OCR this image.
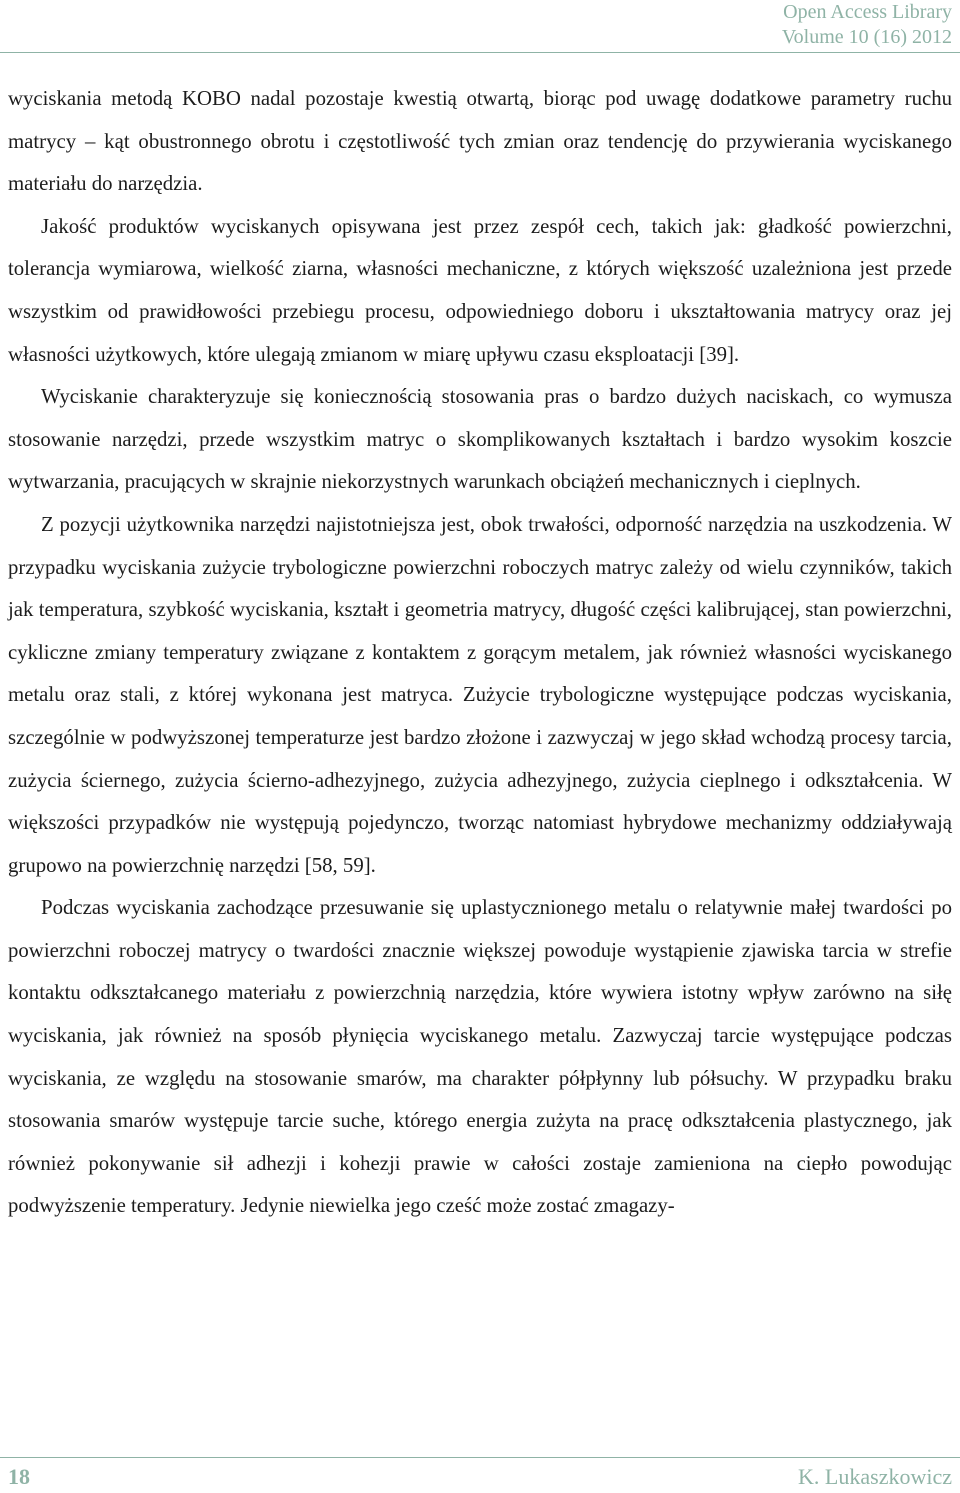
Open Access Library
Volume 10 (16) 2012

wyciskania metodą KOBO nadal pozostaje kwestią otwartą, biorąc pod uwagę dodatkowe parametry ruchu matrycy – kąt obustronnego obrotu i częstotliwość tych zmian oraz tendencję do przywierania wyciskanego materiału do narzędzia.

Jakość produktów wyciskanych opisywana jest przez zespół cech, takich jak: gładkość powierzchni, tolerancja wymiarowa, wielkość ziarna, własności mechaniczne, z których większość uzależniona jest przede wszystkim od prawidłowości przebiegu procesu, odpowiedniego doboru i ukształtowania matrycy oraz jej własności użytkowych, które ulegają zmianom w miarę upływu czasu eksploatacji [39].

Wyciskanie charakteryzuje się koniecznością stosowania pras o bardzo dużych naciskach, co wymusza stosowanie narzędzi, przede wszystkim matryc o skomplikowanych kształtach i bardzo wysokim koszcie wytwarzania, pracujących w skrajnie niekorzystnych warunkach obciążeń mechanicznych i cieplnych.

Z pozycji użytkownika narzędzi najistotniejsza jest, obok trwałości, odporność narzędzia na uszkodzenia. W przypadku wyciskania zużycie trybologiczne powierzchni roboczych matryc zależy od wielu czynników, takich jak temperatura, szybkość wyciskania, kształt i geometria matrycy, długość części kalibrującej, stan powierzchni, cykliczne zmiany temperatury związane z kontaktem z gorącym metalem, jak również własności wyciskanego metalu oraz stali, z której wykonana jest matryca. Zużycie trybologiczne występujące podczas wyciskania, szczególnie w podwyższonej temperaturze jest bardzo złożone i zazwyczaj w jego skład wchodzą procesy tarcia, zużycia ściernego, zużycia ścierno-adhezyjnego, zużycia adhezyjnego, zużycia cieplnego i odkształcenia. W większości przypadków nie występują pojedynczo, tworząc natomiast hybrydowe mechanizmy oddziaływają grupowo na powierzchnię narzędzi [58, 59].

Podczas wyciskania zachodzące przesuwanie się uplastycznionego metalu o relatywnie małej twardości po powierzchni roboczej matrycy o twardości znacznie większej powoduje wystąpienie zjawiska tarcia w strefie kontaktu odkształcanego materiału z powierzchnią narzędzia, które wywiera istotny wpływ zarówno na siłę wyciskania, jak również na sposób płynięcia wyciskanego metalu. Zazwyczaj tarcie występujące podczas wyciskania, ze względu na stosowanie smarów, ma charakter półpłynny lub półsuchy. W przypadku braku stosowania smarów występuje tarcie suche, którego energia zużyta na pracę odkształcenia plastycznego, jak również pokonywanie sił adhezji i kohezji prawie w całości zostaje zamieniona na ciepło powodując podwyższenie temperatury. Jedynie niewielka jego cześć może zostać zmagazy-

18	K. Lukaszkowicz
